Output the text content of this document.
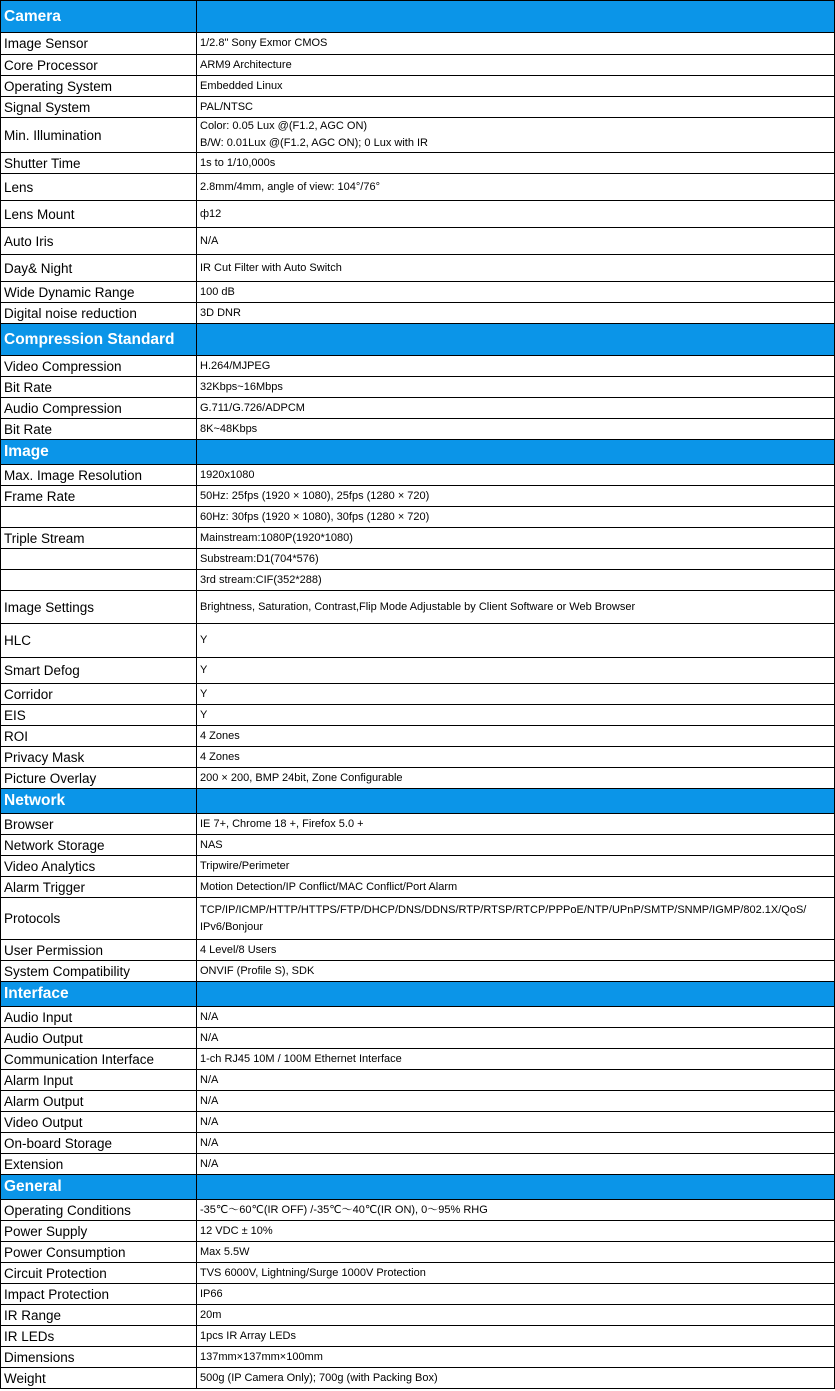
Camera	
Image Sensor	1/2.8" Sony Exmor CMOS

Core Processor	ARM9 Architecture

Operating System	Embedded Linux

Signal System	PAL/NTSC

Min. Illumination	Color: 0.05 Lux @(F1.2, AGC ON)
B/W: 0.01Lux @(F1.2, AGC ON); 0 Lux with IR

Shutter Time	1s to 1/10,000s

Lens	2.8mm/4mm, angle of view: 104°/76°

Lens Mount	ф12

Auto Iris	N/A

Day& Night	IR Cut Filter with Auto Switch

Wide Dynamic Range	100 dB

Digital noise reduction	3D DNR

Compression Standard	
Video Compression	H.264/MJPEG

Bit Rate	32Kbps~16Mbps

Audio Compression	G.711/G.726/ADPCM

Bit Rate	8K~48Kbps

Image	
Max. Image Resolution	1920x1080

Frame Rate	50Hz: 25fps (1920 × 1080), 25fps (1280 × 720)

	60Hz: 30fps (1920 × 1080), 30fps (1280 × 720)

Triple Stream	Mainstream:1080P(1920*1080)

	Substream:D1(704*576)

	3rd stream:CIF(352*288)

Image Settings	Brightness, Saturation, Contrast,Flip Mode Adjustable by Client Software or Web Browser

HLC	Y

Smart Defog	Y

Corridor	Y

EIS	Y

ROI	4 Zones

Privacy Mask	4 Zones

Picture Overlay	200 × 200, BMP 24bit, Zone Configurable

Network	
Browser	IE 7+, Chrome 18 +, Firefox 5.0 +

Network Storage	NAS

Video Analytics	Tripwire/Perimeter

Alarm Trigger	Motion Detection/IP Conflict/MAC Conflict/Port Alarm

Protocols	TCP/IP/ICMP/HTTP/HTTPS/FTP/DHCP/DNS/DDNS/RTP/RTSP/RTCP/PPPoE/NTP/UPnP/SMTP/SNMP/IGMP/802.1X/QoS/
IPv6/Bonjour

User Permission	4 Level/8 Users

System Compatibility	ONVIF (Profile S), SDK

Interface	
Audio Input	N/A

Audio Output	N/A

Communication Interface	1-ch RJ45 10M / 100M Ethernet Interface

Alarm Input	N/A

Alarm Output	N/A

Video Output	N/A

On-board Storage	N/A

Extension	N/A

General	
Operating Conditions	-35℃～60℃(IR OFF) /-35℃～40℃(IR ON), 0～95% RHG

Power Supply	12 VDC ± 10%

Power Consumption	Max 5.5W

Circuit Protection	TVS 6000V, Lightning/Surge 1000V Protection

Impact Protection	IP66

IR Range	20m

IR LEDs	1pcs IR Array LEDs

Dimensions	137mm×137mm×100mm

Weight	500g (IP Camera Only); 700g (with Packing Box)
